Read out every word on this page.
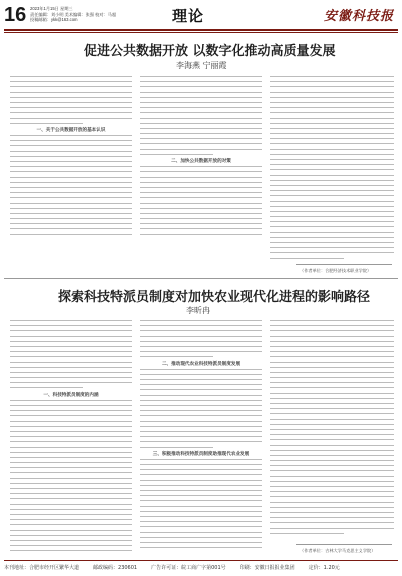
16 2023年1月15日 星期三
责任编辑：刘小明 美术编辑：张强 校对：马超
投稿邮箱：ykk@163.com	理论	安徽科技报
促进公共数据开放 以数字化推动高质量发展
李海燕 宁丽霞
一、关于公共数据开放的基本认识
二、加快公共数据开放的对策
（作者单位：合肥经济技术职业学院）
探索科技特派员制度对加快农业现代化进程的影响路径
李昕冉
一、科技特派员制度的内涵
二、推动现代农业科技特派员制度发展
三、积极推动科技特派员制度助推现代农业发展
（作者单位：吉林大学马克思主义学院）
本刊地址：合肥市经开区繁华大道	邮政编码：230601	广告许可证：皖工商广字第001号	印刷：安徽日报报业集团	定价：1.20元
